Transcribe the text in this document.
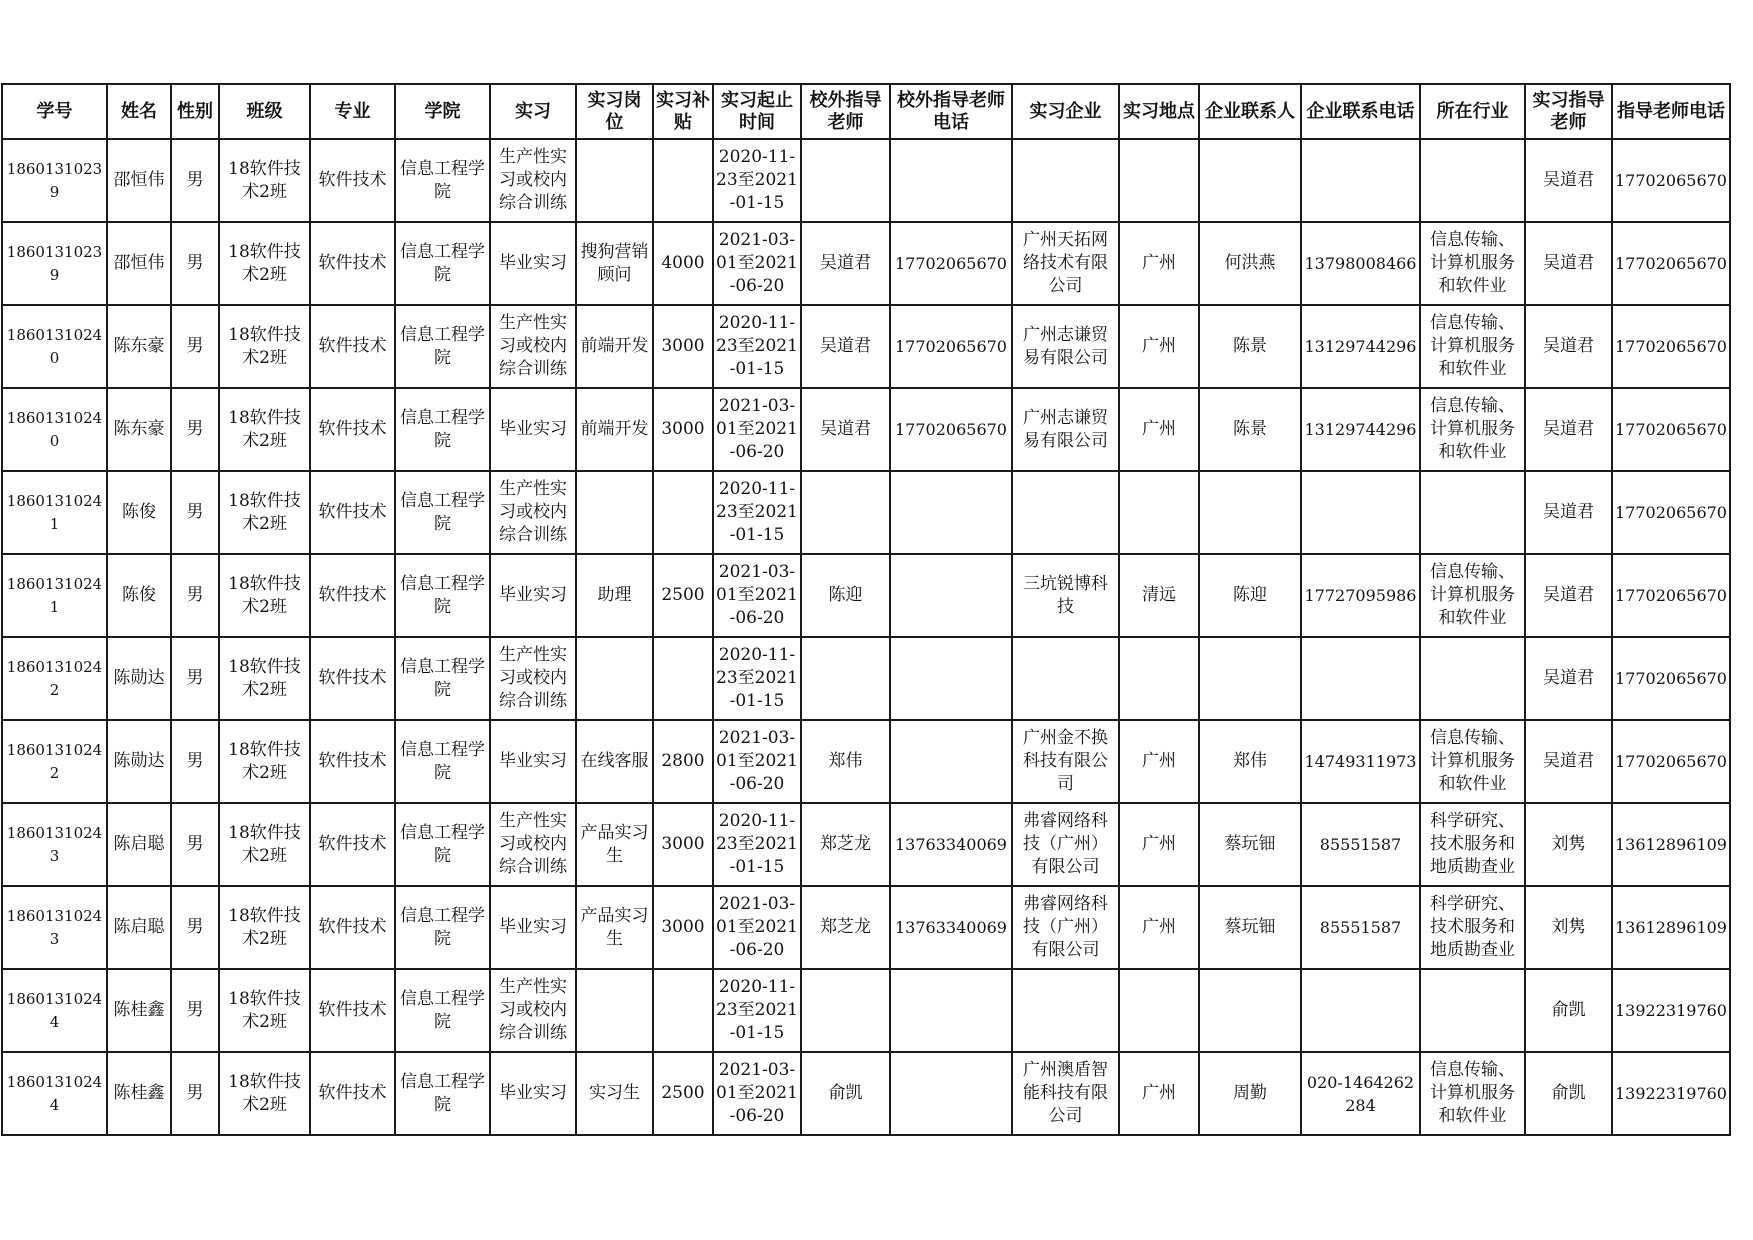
学号	姓名	性别	班级	专业	学院	实习	实习岗位	实习补贴	实习起止时间	校外指导老师	校外指导老师电话	实习企业	实习地点	企业联系人	企业联系电话	所在行业	实习指导老师	指导老师电话

18601310239	邵恒伟	男	18软件技术2班	软件技术	信息工程学院	生产性实习或校内综合训练			2020-11-23至2021-01-15								吴道君	17702065670

18601310239	邵恒伟	男	18软件技术2班	软件技术	信息工程学院	毕业实习	搜狗营销顾问	4000	2021-03-01至2021-06-20	吴道君	17702065670	广州天拓网络技术有限公司	广州	何洪燕	13798008466	信息传输、计算机服务和软件业	吴道君	17702065670

18601310240	陈东豪	男	18软件技术2班	软件技术	信息工程学院	生产性实习或校内综合训练	前端开发	3000	2020-11-23至2021-01-15	吴道君	17702065670	广州志谦贸易有限公司	广州	陈景	13129744296	信息传输、计算机服务和软件业	吴道君	17702065670

18601310240	陈东豪	男	18软件技术2班	软件技术	信息工程学院	毕业实习	前端开发	3000	2021-03-01至2021-06-20	吴道君	17702065670	广州志谦贸易有限公司	广州	陈景	13129744296	信息传输、计算机服务和软件业	吴道君	17702065670

18601310241	陈俊	男	18软件技术2班	软件技术	信息工程学院	生产性实习或校内综合训练			2020-11-23至2021-01-15								吴道君	17702065670

18601310241	陈俊	男	18软件技术2班	软件技术	信息工程学院	毕业实习	助理	2500	2021-03-01至2021-06-20	陈迎		三坑锐博科技	清远	陈迎	17727095986	信息传输、计算机服务和软件业	吴道君	17702065670

18601310242	陈勋达	男	18软件技术2班	软件技术	信息工程学院	生产性实习或校内综合训练			2020-11-23至2021-01-15								吴道君	17702065670

18601310242	陈勋达	男	18软件技术2班	软件技术	信息工程学院	毕业实习	在线客服	2800	2021-03-01至2021-06-20	郑伟		广州金不换科技有限公司	广州	郑伟	14749311973	信息传输、计算机服务和软件业	吴道君	17702065670

18601310243	陈启聪	男	18软件技术2班	软件技术	信息工程学院	生产性实习或校内综合训练	产品实习生	3000	2020-11-23至2021-01-15	郑芝龙	13763340069	弗睿网络科技（广州）有限公司	广州	蔡玩钿	85551587	科学研究、技术服务和地质勘查业	刘隽	13612896109

18601310243	陈启聪	男	18软件技术2班	软件技术	信息工程学院	毕业实习	产品实习生	3000	2021-03-01至2021-06-20	郑芝龙	13763340069	弗睿网络科技（广州）有限公司	广州	蔡玩钿	85551587	科学研究、技术服务和地质勘查业	刘隽	13612896109

18601310244	陈桂鑫	男	18软件技术2班	软件技术	信息工程学院	生产性实习或校内综合训练			2020-11-23至2021-01-15								俞凯	13922319760

18601310244	陈桂鑫	男	18软件技术2班	软件技术	信息工程学院	毕业实习	实习生	2500	2021-03-01至2021-06-20	俞凯		广州澳盾智能科技有限公司	广州	周勤	020-1464262284	信息传输、计算机服务和软件业	俞凯	13922319760
